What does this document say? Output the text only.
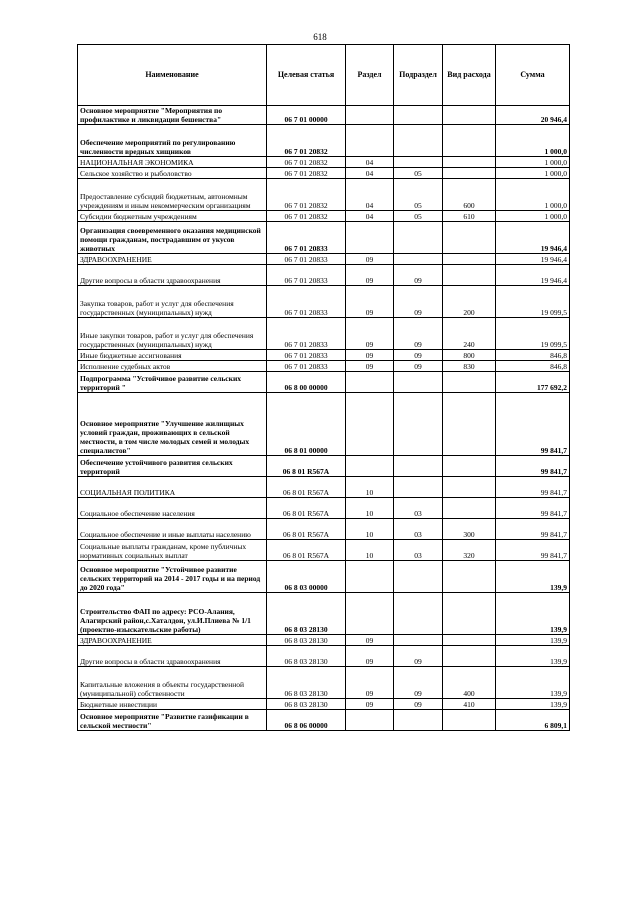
618
Наименование	Целевая статья	Раздел	Подраздел	Вид расхода	Сумма
Основное мероприятие "Мероприятия по профилактике и ликвидации бешенства"	06 7 01 00000				20 946,4
Обеспечение мероприятий по регулированию численности вредных хищников	06 7 01 20832				1 000,0
НАЦИОНАЛЬНАЯ ЭКОНОМИКА	06 7 01 20832	04			1 000,0
Сельское хозяйство и рыболовство	06 7 01 20832	04	05		1 000,0
Предоставление субсидий бюджетным, автономным учреждениям и иным некоммерческим организациям	06 7 01 20832	04	05	600	1 000,0
Субсидии бюджетным учреждениям	06 7 01 20832	04	05	610	1 000,0
Организация своевременного оказания медицинской помощи гражданам, пострадавшим от укусов животных	06 7 01 20833				19 946,4
ЗДРАВООХРАНЕНИЕ	06 7 01 20833	09			19 946,4
Другие вопросы в области здравоохранения	06 7 01 20833	09	09		19 946,4
Закупка товаров, работ и услуг для обеспечения государственных (муниципальных) нужд	06 7 01 20833	09	09	200	19 099,5
Иные закупки товаров, работ и услуг для обеспечения государственных (муниципальных) нужд	06 7 01 20833	09	09	240	19 099,5
Иные бюджетные ассигнования	06 7 01 20833	09	09	800	846,8
Исполнение судебных актов	06 7 01 20833	09	09	830	846,8
Подпрограмма "Устойчивое развитие сельских территорий "	06 8 00 00000				177 692,2
Основное мероприятие "Улучшение жилищных условий граждан, проживающих в сельской местности, в том числе молодых семей и молодых специалистов"	06 8 01 00000				99 841,7
Обеспечение устойчивого развития сельских территорий	06 8 01 R567A				99 841,7
СОЦИАЛЬНАЯ ПОЛИТИКА	06 8 01 R567A	10			99 841,7
Социальное обеспечение населения	06 8 01 R567A	10	03		99 841,7
Социальное обеспечение и иные выплаты населению	06 8 01 R567A	10	03	300	99 841,7
Социальные выплаты гражданам, кроме публичных нормативных социальных выплат	06 8 01 R567A	10	03	320	99 841,7
Основное мероприятие "Устойчивое развитие сельских территорий на 2014 - 2017 годы и на период до 2020 года"	06 8 03 00000				139,9
Строительство ФАП по адресу: РСО-Алания, Алагирский район,с.Хаталдон, ул.И.Плиева № 1/1 (проектно-изыскательские работы)	06 8 03 28130				139,9
ЗДРАВООХРАНЕНИЕ	06 8 03 28130	09			139,9
Другие вопросы в области здравоохранения	06 8 03 28130	09	09		139,9
Капитальные вложения в объекты государственной (муниципальной) собственности	06 8 03 28130	09	09	400	139,9
Бюджетные инвестиции	06 8 03 28130	09	09	410	139,9
Основное мероприятие "Развитие газификации в сельской местности"	06 8 06 00000				6 809,1
